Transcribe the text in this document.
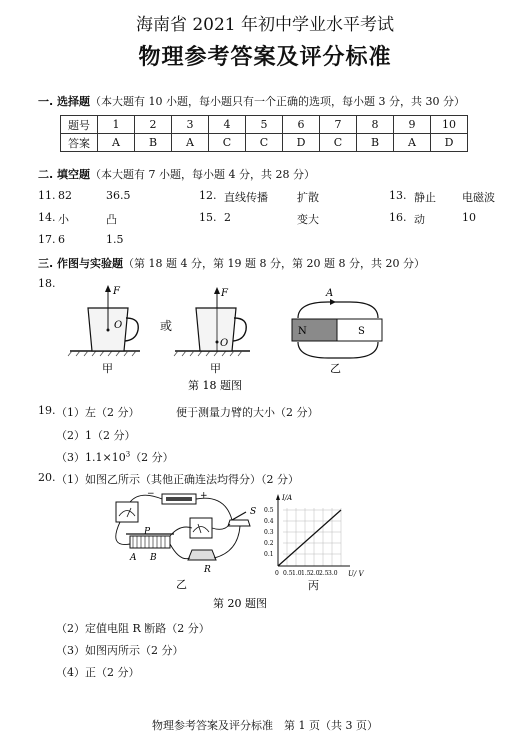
海南省 2021 年初中学业水平考试
物理参考答案及评分标准
一. 选择题（本大题有 10 小题，每小题只有一个正确的选项，每小题 3 分，共 30 分）
题号	1	2	3	4	5	6	7	8	9	10
答案	A	B	A	C	C	D	C	B	A	D
二. 填空题（本大题有 7 小题，每小题 4 分，共 28 分）
11. 82	36.5	12. 直线传播	扩散	13. 静止 电磁波
14. 小	凸	15. 2	变大	16. 动	10
17. 6	1.5
三. 作图与实验题（第 18 题 4 分，第 19 题 8 分，第 20 题 8 分，共 20 分）
18.
F
O
甲
或
F
O
甲
A
N	S
乙
第 18 题图
19. （1）左（2 分）	便于测量力臂的大小（2 分）
（2）1（2 分）
$(3)1.1\times 10^3(2$ 分）
20. （1）如图乙所示（其他正确连法均得分）（2 分）
−	+
P
A B
R
S
乙
I/A
U/ V
0.5
0.4
0.3
0.2
0.1
0 0.5 1.0 1.5 2.0 2.5 3.0
丙
第 20 题图
（2）定值电阻 R 断路（2 分）
（3）如图丙所示（2 分）
（4）正（2 分）
物理参考答案及评分标准　第 1 页（共 3 页）
